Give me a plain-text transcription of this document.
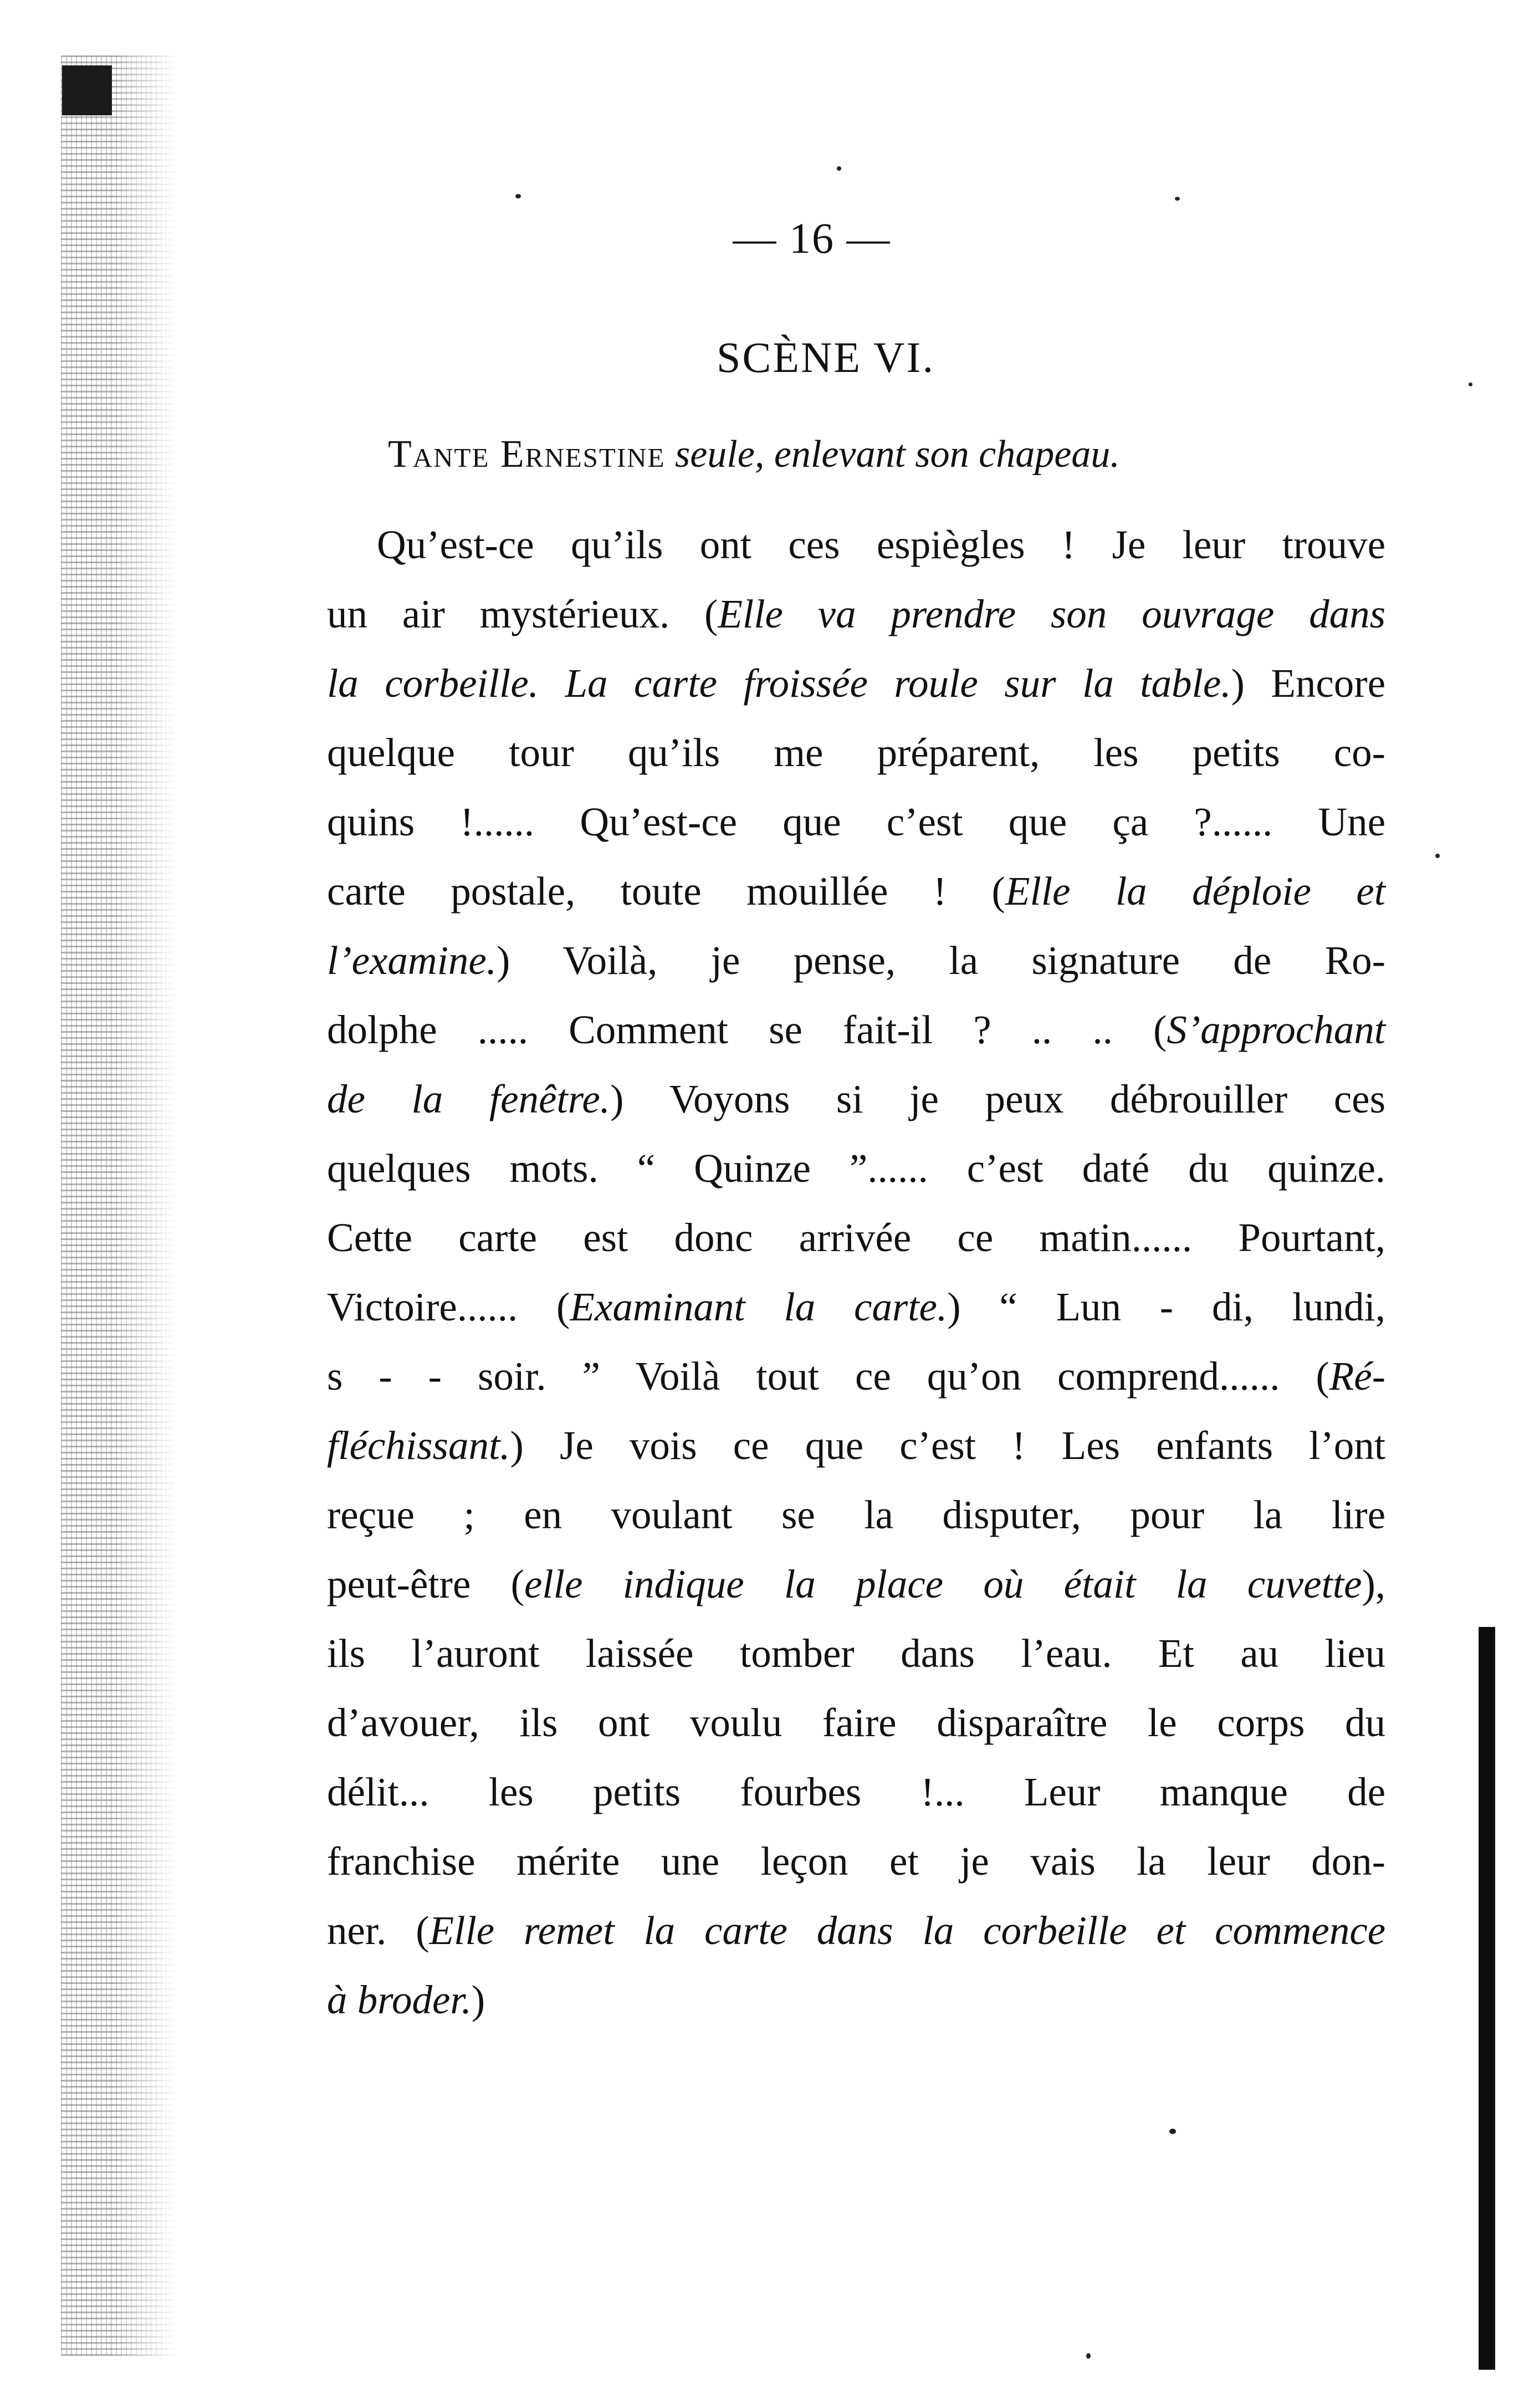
— 16 —
SCÈNE VI.
Tante Ernestine seule, enlevant son chapeau.
Qu’est-ce qu’ils ont ces espiègles ! Je leur trouve
un air mystérieux. (Elle va prendre son ouvrage dans
la corbeille. La carte froissée roule sur la table.) Encore
quelque tour qu’ils me préparent, les petits co-
quins !...... Qu’est-ce que c’est que ça ?...... Une
carte postale, toute mouillée ! (Elle la déploie et
l’examine.) Voilà, je pense, la signature de Ro-
dolphe ..... Comment se fait-il ? .. .. (S’approchant
de la fenêtre.) Voyons si je peux débrouiller ces
quelques mots. “ Quinze ”...... c’est daté du quinze.
Cette carte est donc arrivée ce matin...... Pourtant,
Victoire...... (Examinant la carte.) “ Lun - di, lundi,
s - - soir. ” Voilà tout ce qu’on comprend...... (Ré-
fléchissant.) Je vois ce que c’est ! Les enfants l’ont
reçue ; en voulant se la disputer, pour la lire
peut-être (elle indique la place où était la cuvette),
ils l’auront laissée tomber dans l’eau. Et au lieu
d’avouer, ils ont voulu faire disparaître le corps du
délit... les petits fourbes !... Leur manque de
franchise mérite une leçon et je vais la leur don-
ner. (Elle remet la carte dans la corbeille et commence
à broder.)
